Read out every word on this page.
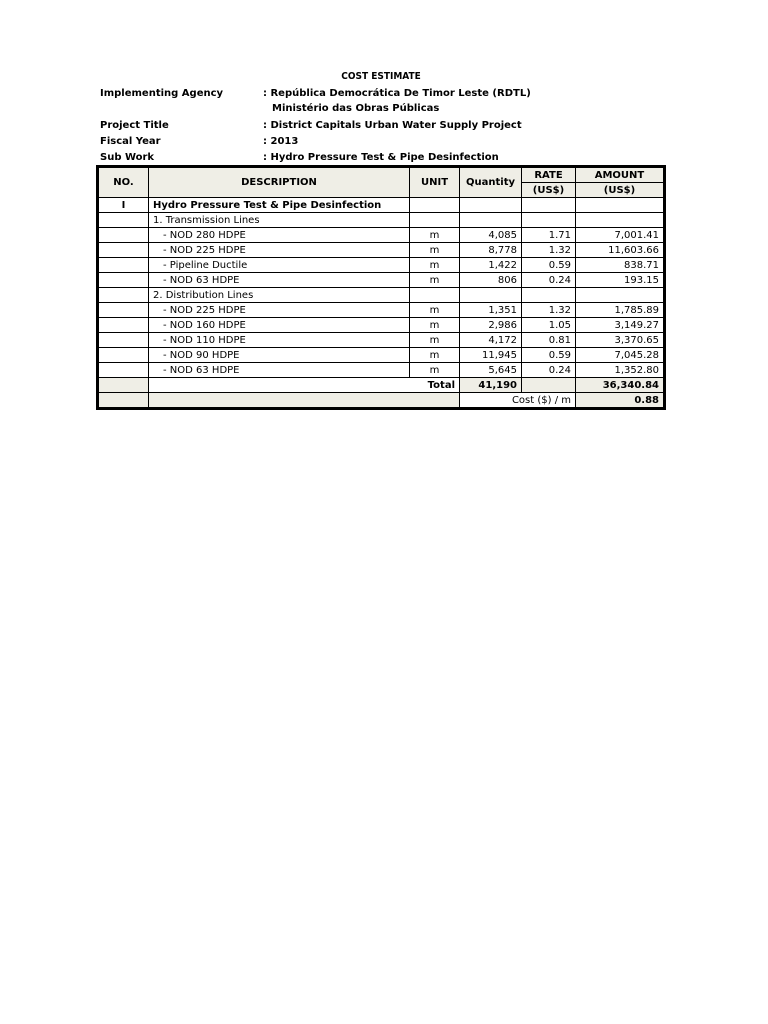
COST ESTIMATE
Implementing Agency	: República Democrática De Timor Leste (RDTL)
Ministério das Obras Públicas
Project Title	: District Capitals Urban Water Supply Project
Fiscal Year	: 2013
Sub Work	: Hydro Pressure Test & Pipe Desinfection
NO.	DESCRIPTION	UNIT	Quantity	RATE	AMOUNT
				(US$)	(US$)
I	Hydro Pressure Test & Pipe Desinfection				
	1. Transmission Lines				
	- NOD 280 HDPE	m	4,085	1.71	7,001.41
	- NOD 225 HDPE	m	8,778	1.32	11,603.66
	- Pipeline Ductile	m	1,422	0.59	838.71
	- NOD 63 HDPE	m	806	0.24	193.15
	2. Distribution Lines				
	- NOD 225 HDPE	m	1,351	1.32	1,785.89
	- NOD 160 HDPE	m	2,986	1.05	3,149.27
	- NOD 110 HDPE	m	4,172	0.81	3,370.65
	- NOD 90 HDPE	m	11,945	0.59	7,045.28
	- NOD 63 HDPE	m	5,645	0.24	1,352.80
	Total		41,190		36,340.84
			Cost ($) / m		0.88
